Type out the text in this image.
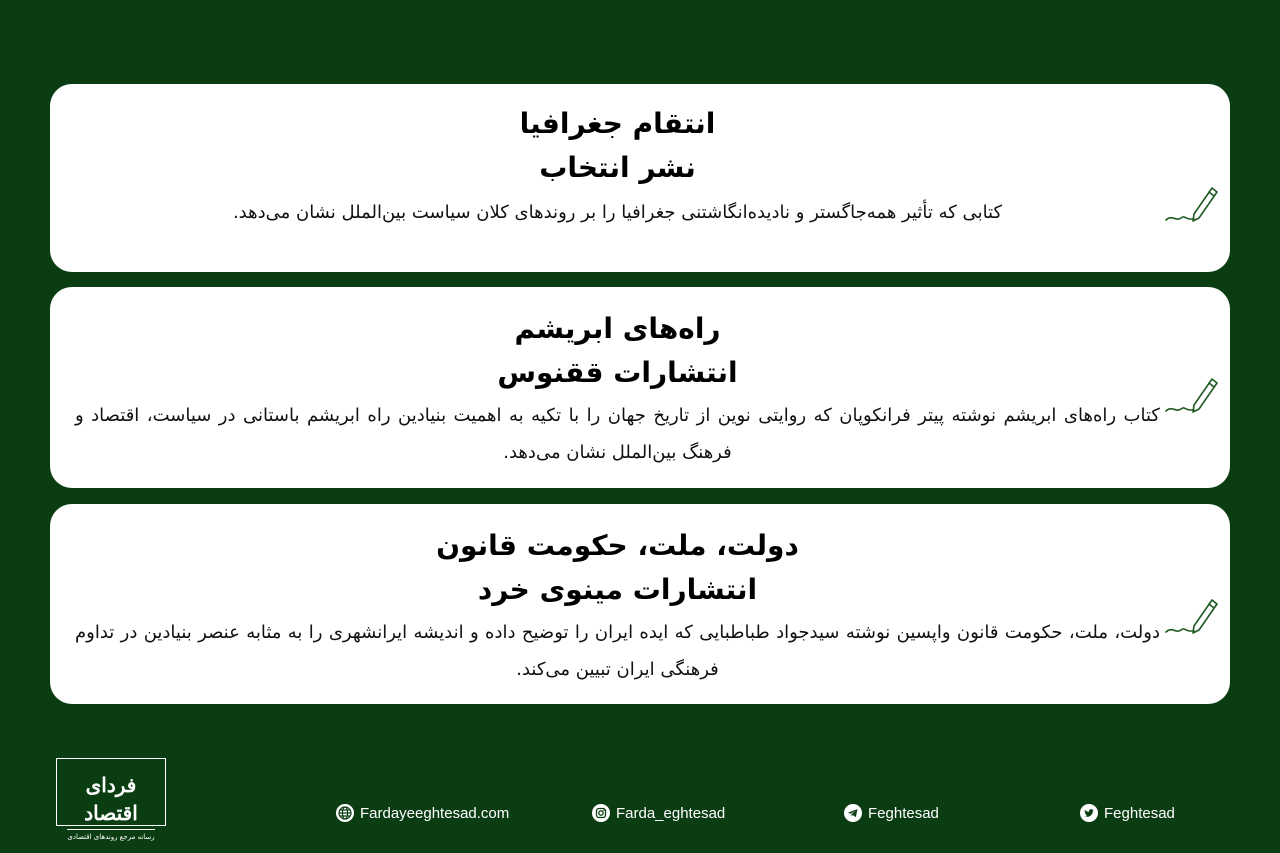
انتقام جغرافیا
نشر انتخاب
کتابی که تأثیر همه‌جاگستر و نادیده‌انگاشتنی جغرافیا را بر روندهای کلان سیاست بین‌الملل نشان می‌دهد.
راه‌های ابریشم
انتشارات ققنوس
کتاب راه‌های ابریشم نوشته پیتر فرانکوپان که روایتی نوین از تاریخ جهان را با تکیه به اهمیت بنیادین راه ابریشم باستانی در سیاست، اقتصاد و فرهنگ بین‌الملل نشان می‌دهد.
دولت، ملت، حکومت قانون
انتشارات مینوی خرد
دولت، ملت، حکومت قانون واپسین نوشته سیدجواد طباطبایی که ایده ایران را توضیح داده و اندیشه ایرانشهری را به مثابه عنصر بنیادین در تداوم فرهنگی ایران تبیین می‌کند.
فردای اقتصاد
رسانه مرجع روندهای اقتصادی
Fardayeeghtesad.com	Farda_eghtesad	Feghtesad	Feghtesad
